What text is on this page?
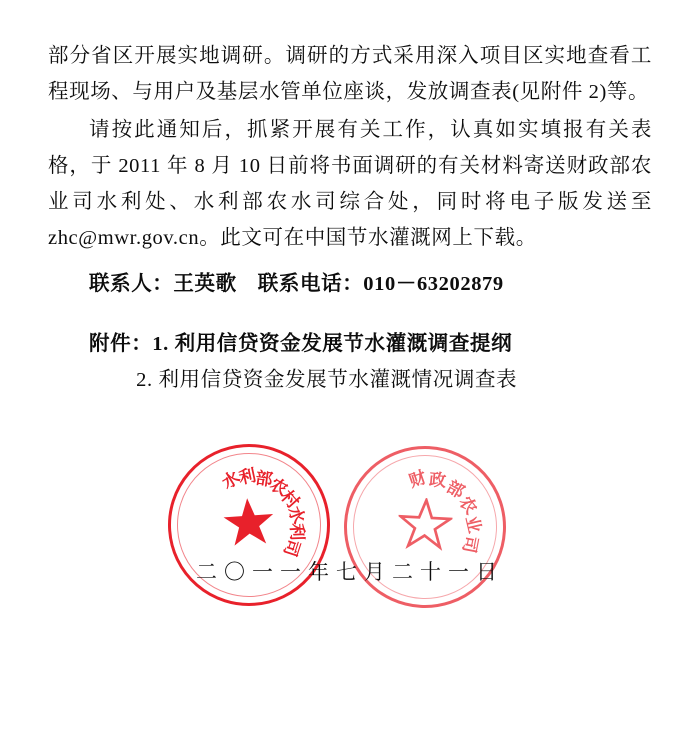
部分省区开展实地调研。调研的方式采用深入项目区实地查看工程现场、与用户及基层水管单位座谈，发放调查表(见附件 2)等。

请按此通知后，抓紧开展有关工作，认真如实填报有关表格，于 2011 年 8 月 10 日前将书面调研的有关材料寄送财政部农业司水利处、水利部农水司综合处，同时将电子版发送至 zhc@mwr.gov.cn。此文可在中国节水灌溉网上下载。

联系人：王英歌　联系电话：010－63202879

附件：1. 利用信贷资金发展节水灌溉调查提纲

2. 利用信贷资金发展节水灌溉情况调查表

水
利
部
农
村
水
利
司
财 政
部
农
业
司
二〇一一年七月二十一日
